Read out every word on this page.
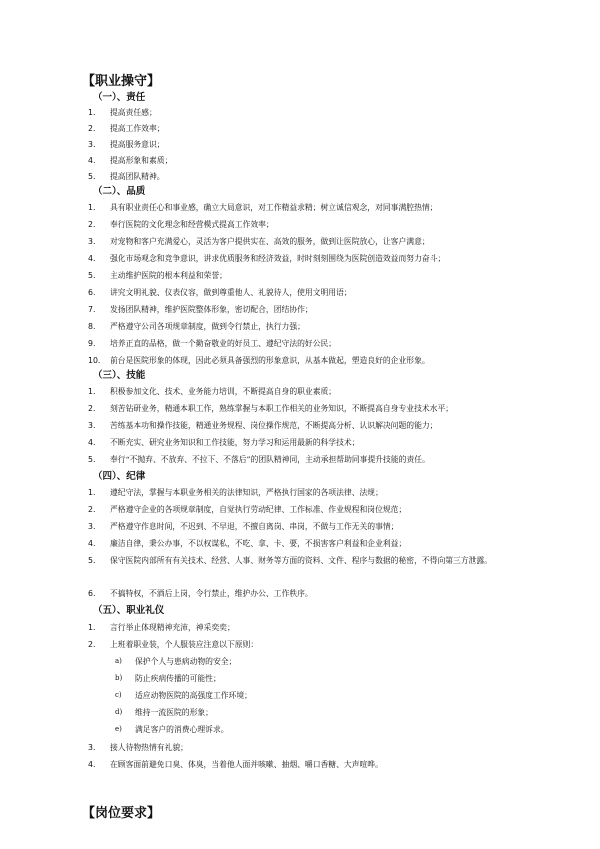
【职业操守】
（一）、责任
1.	提高责任感；
2.	提高工作效率；
3.	提高服务意识；
4.	提高形象和素质；
5.	提高团队精神。
（二）、品质
1.	具有职业责任心和事业感，确立大局意识，对工作精益求精；树立诚信观念，对同事满腔热情；
2.	奉行医院的文化理念和经营模式提高工作效率；
3.	对宠物和客户充满爱心，灵活为客户提供实在、高效的服务，做到让医院放心，让客户满意；
4.	强化市场观念和竞争意识，讲求优质服务和经济效益，时时刻刻围绕为医院创造效益而努力奋斗；
5.	主动维护医院的根本利益和荣誉；
6.	讲究文明礼貌、仪表仪容，做到尊重他人、礼貌待人，使用文明用语；
7.	发扬团队精神，维护医院整体形象，密切配合，团结协作；
8.	严格遵守公司各项规章制度，做到令行禁止，执行力强；
9.	培养正直的品格，做一个勤奋敬业的好员工、遵纪守法的好公民；
10.	前台是医院形象的体现，因此必须具备强烈的形象意识，从基本做起，塑造良好的企业形象。
（三）、技能
1.	积极参加文化、技术、业务能力培训，不断提高自身的职业素质；
2.	刻苦钻研业务，精通本职工作，熟练掌握与本职工作相关的业务知识，不断提高自身专业技术水平；
3.	苦练基本功和操作技能，精通业务规程、岗位操作规范，不断提高分析、认识解决问题的能力；
4.	不断充实、研究业务知识和工作技能，努力学习和运用最新的科学技术；
5.	奉行“不抛弃、不放弃、不拉下、不落后”的团队精神同，主动承担帮助同事提升技能的责任。
（四）、纪律
1.	遵纪守法，掌握与本职业务相关的法律知识，严格执行国家的各项法律、法规；
2.	严格遵守企业的各项规章制度，自觉执行劳动纪律、工作标准、作业规程和岗位规范；
3.	严格遵守作息时间，不迟到、不早退，不擅自离岗、串岗，不做与工作无关的事情；
4.	廉洁自律，秉公办事，不以权谋私，不吃、拿、卡、要，不损害客户利益和企业利益；
5.	保守医院内部所有有关技术、经营、人事、财务等方面的资料、文件、程序与数据的秘密，不得向第三方泄露。
6.	不搞特权，不酒后上岗，令行禁止，维护办公、工作秩序。
（五）、职业礼仪
1.	言行举止体现精神充沛，神采奕奕；
2.	上班着职业装，个人服装应注意以下原则：
a)	保护个人与患病动物的安全；
b)	防止疾病传播的可能性；
c)	适应动物医院的高强度工作环境；
d)	维持一流医院的形象；
e)	满足客户的消费心理诉求。
3.	接人待物热情有礼貌；
4.	在顾客面前避免口臭、体臭，当着他人面并咳嗽、抽烟、嚼口香糖、大声喧哗。
【岗位要求】
